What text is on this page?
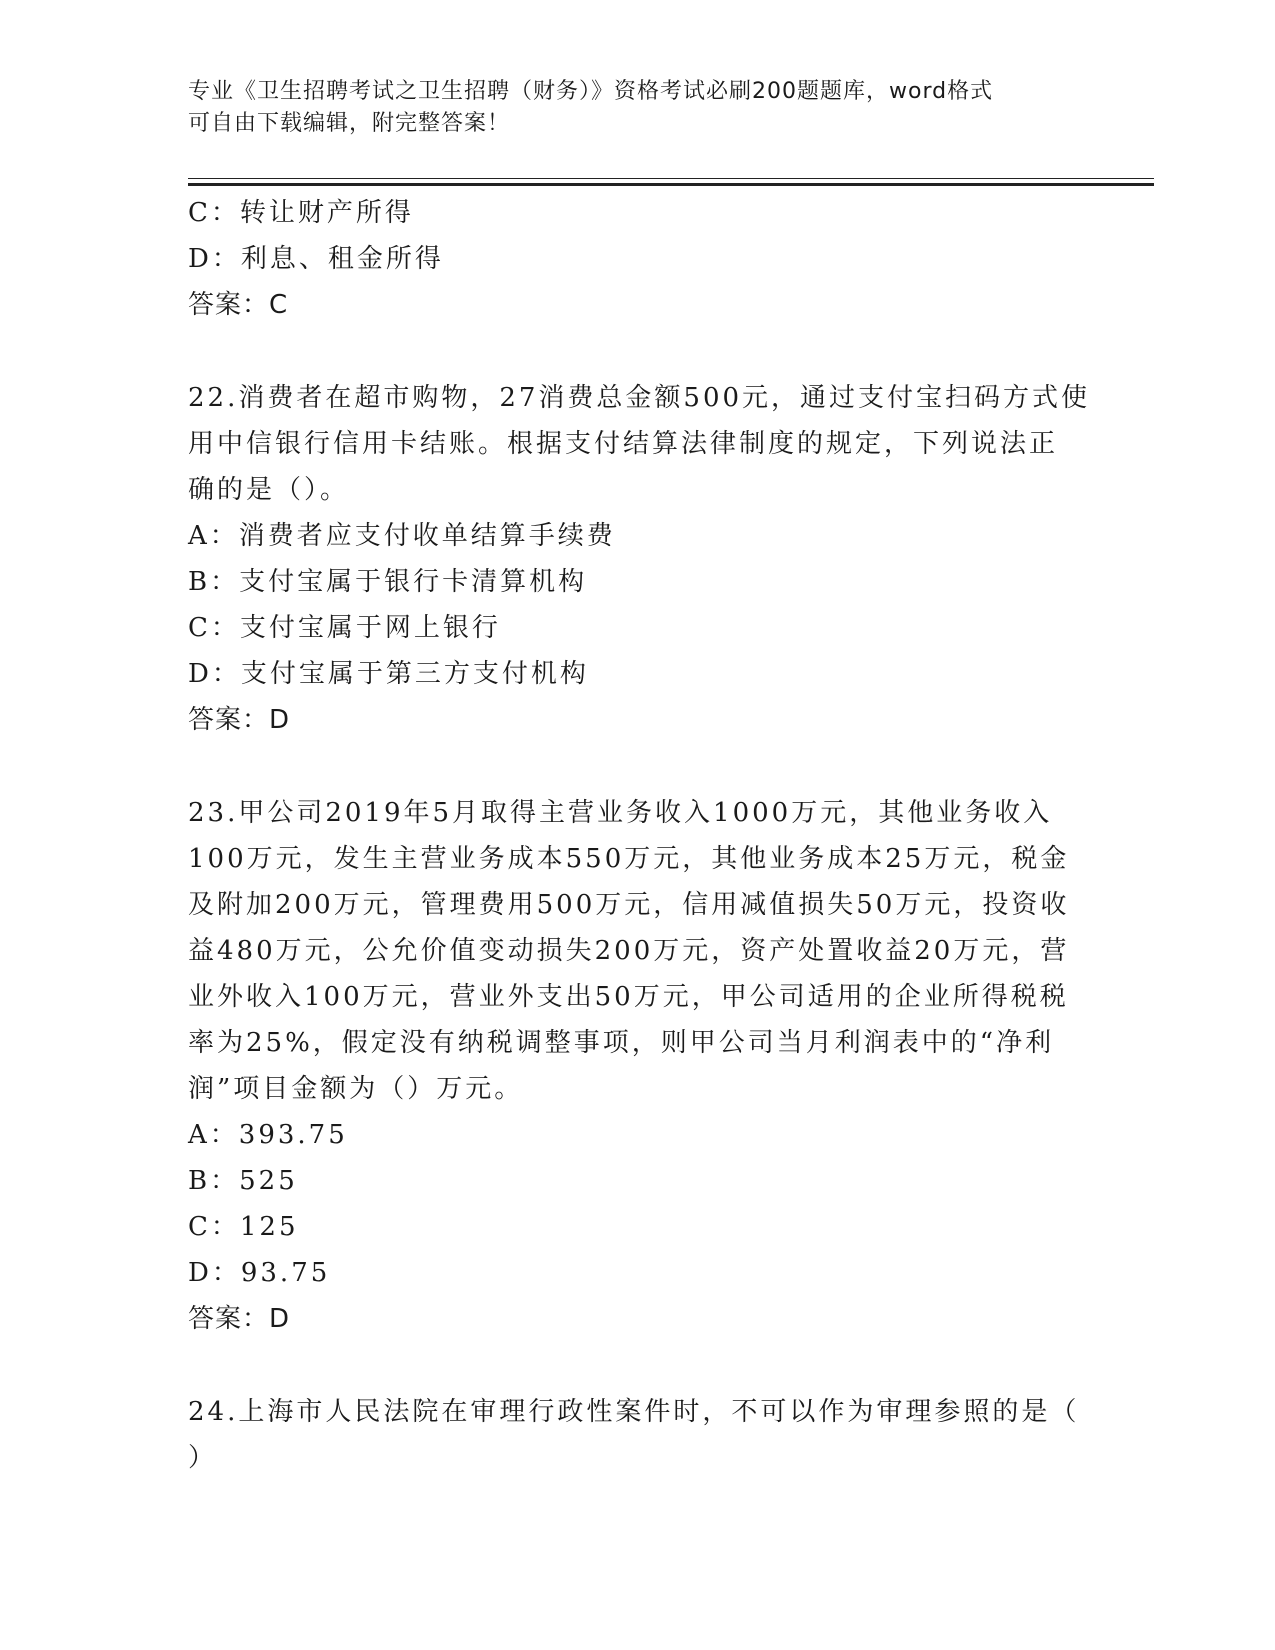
专业《卫生招聘考试之卫生招聘（财务）》资格考试必刷200题题库，word格式
可自由下载编辑，附完整答案！
C：转让财产所得
D：利息、租金所得
答案：C
22.消费者在超市购物，27消费总金额500元，通过支付宝扫码方式使
用中信银行信用卡结账。根据支付结算法律制度的规定，下列说法正
确的是（）。
A：消费者应支付收单结算手续费
B：支付宝属于银行卡清算机构
C：支付宝属于网上银行
D：支付宝属于第三方支付机构
答案：D
23.甲公司2019年5月取得主营业务收入1000万元，其他业务收入
100万元，发生主营业务成本550万元，其他业务成本25万元，税金
及附加200万元，管理费用500万元，信用减值损失50万元，投资收
益480万元，公允价值变动损失200万元，资产处置收益20万元，营
业外收入100万元，营业外支出50万元，甲公司适用的企业所得税税
率为25%，假定没有纳税调整事项，则甲公司当月利润表中的“净利
润”项目金额为（）万元。
A：393.75
B：525
C：125
D：93.75
答案：D
24.上海市人民法院在审理行政性案件时，不可以作为审理参照的是（
）
